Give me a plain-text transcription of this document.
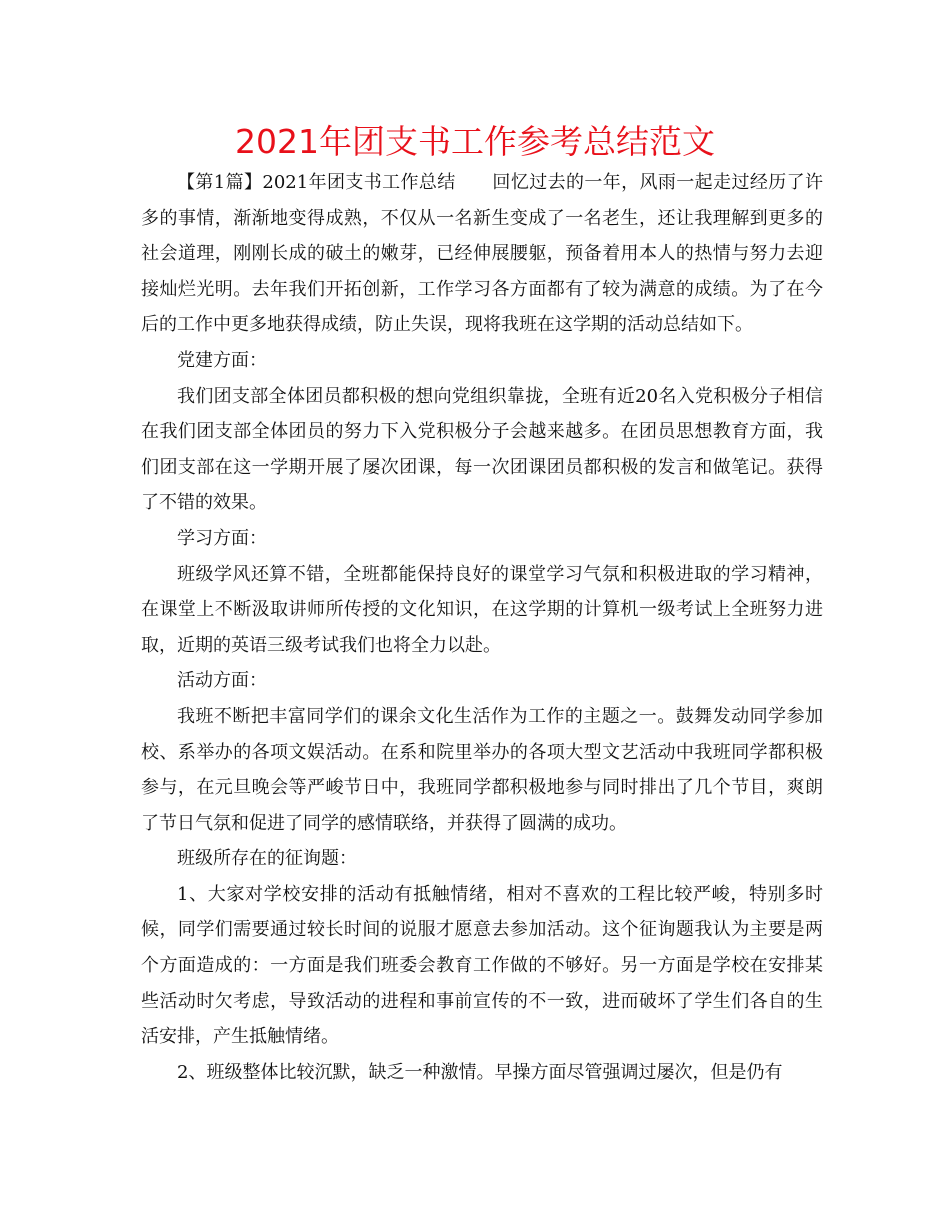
2021年团支书工作参考总结范文

【第1篇】2021年团支书工作总结　　回忆过去的一年，风雨一起走过经历了许多的事情，渐渐地变得成熟，不仅从一名新生变成了一名老生，还让我理解到更多的社会道理，刚刚长成的破土的嫩芽，已经伸展腰躯，预备着用本人的热情与努力去迎接灿烂光明。去年我们开拓创新，工作学习各方面都有了较为满意的成绩。为了在今后的工作中更多地获得成绩，防止失误，现将我班在这学期的活动总结如下。

党建方面：

我们团支部全体团员都积极的想向党组织靠拢，全班有近20名入党积极分子相信在我们团支部全体团员的努力下入党积极分子会越来越多。在团员思想教育方面，我们团支部在这一学期开展了屡次团课，每一次团课团员都积极的发言和做笔记。获得了不错的效果。

学习方面：

班级学风还算不错，全班都能保持良好的课堂学习气氛和积极进取的学习精神，在课堂上不断汲取讲师所传授的文化知识，在这学期的计算机一级考试上全班努力进取，近期的英语三级考试我们也将全力以赴。

活动方面：

我班不断把丰富同学们的课余文化生活作为工作的主题之一。鼓舞发动同学参加校、系举办的各项文娱活动。在系和院里举办的各项大型文艺活动中我班同学都积极参与，在元旦晚会等严峻节日中，我班同学都积极地参与同时排出了几个节目，爽朗了节日气氛和促进了同学的感情联络，并获得了圆满的成功。

班级所存在的征询题：

1、大家对学校安排的活动有抵触情绪，相对不喜欢的工程比较严峻，特别多时候，同学们需要通过较长时间的说服才愿意去参加活动。这个征询题我认为主要是两个方面造成的：一方面是我们班委会教育工作做的不够好。另一方面是学校在安排某些活动时欠考虑，导致活动的进程和事前宣传的不一致，进而破坏了学生们各自的生活安排，产生抵触情绪。

2、班级整体比较沉默，缺乏一种激情。早操方面尽管强调过屡次，但是仍有
